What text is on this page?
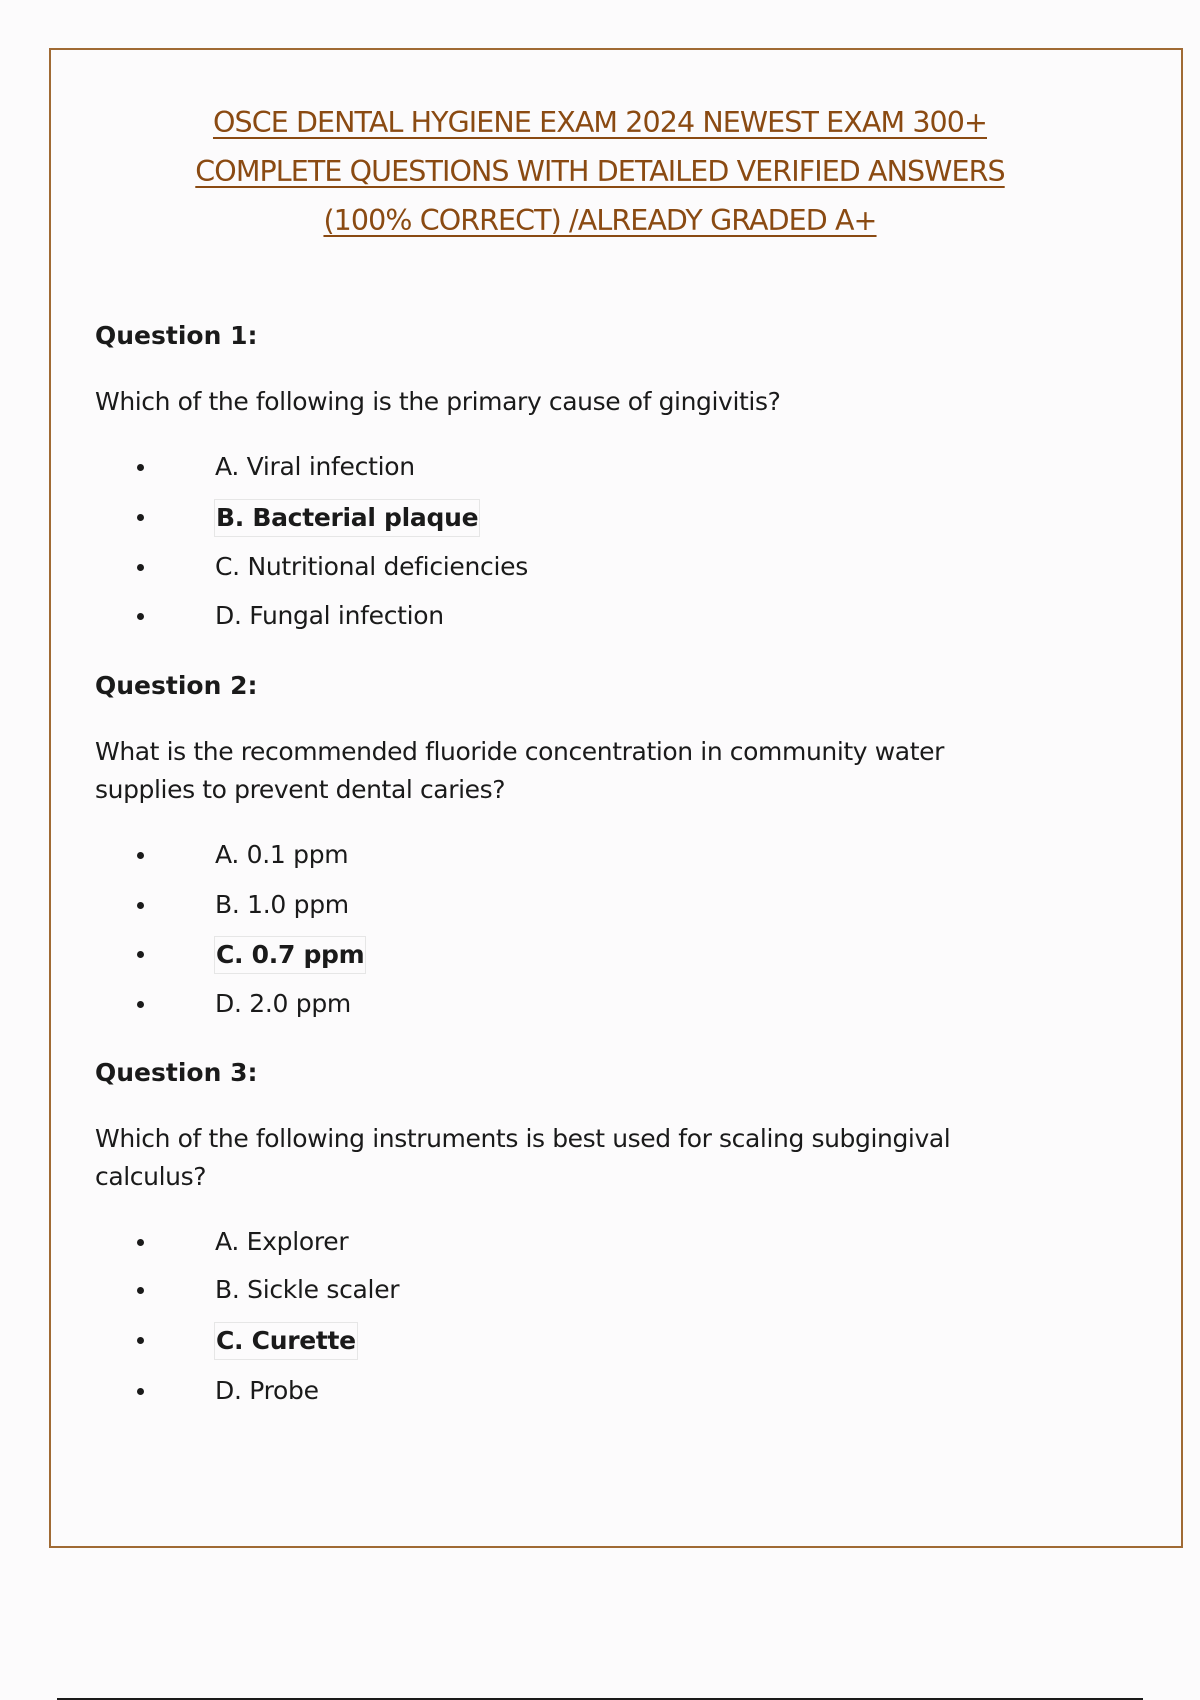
OSCE DENTAL HYGIENE EXAM 2024 NEWEST EXAM 300+
COMPLETE QUESTIONS WITH DETAILED VERIFIED ANSWERS
(100% CORRECT) /ALREADY GRADED A+
Question 1:
Which of the following is the primary cause of gingivitis?
A. Viral infection
B. Bacterial plaque
C. Nutritional deficiencies
D. Fungal infection
Question 2:
What is the recommended fluoride concentration in community water supplies to prevent dental caries?
A. 0.1 ppm
B. 1.0 ppm
C. 0.7 ppm
D. 2.0 ppm
Question 3:
Which of the following instruments is best used for scaling subgingival calculus?
A. Explorer
B. Sickle scaler
C. Curette
D. Probe
